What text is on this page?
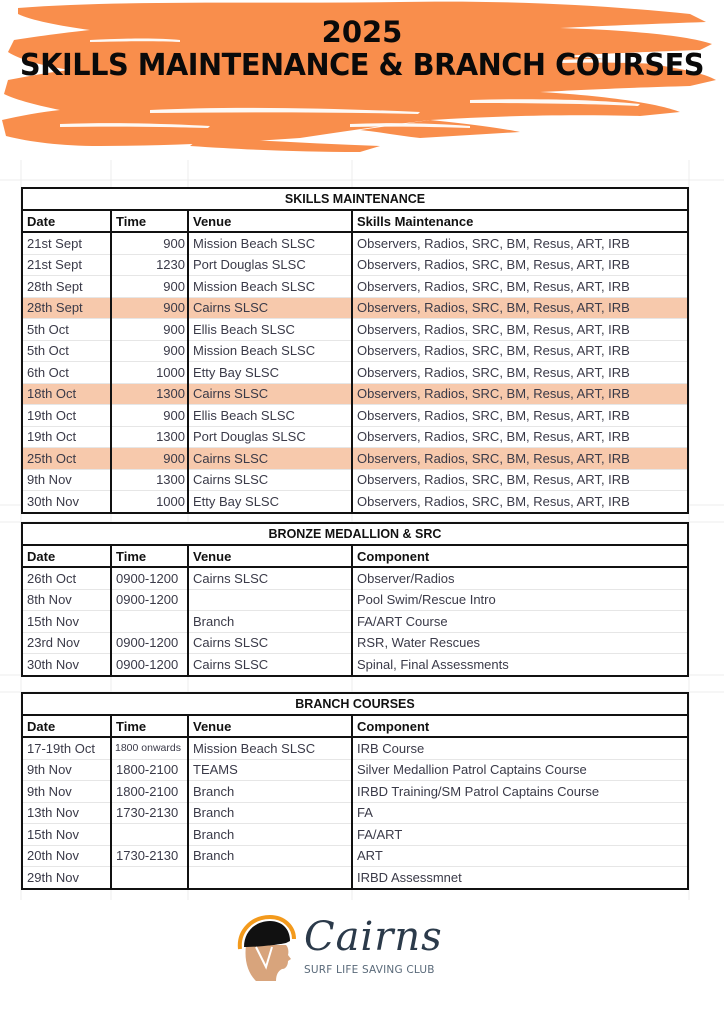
2025
SKILLS MAINTENANCE & BRANCH COURSES
SKILLS MAINTENANCE			
Date	Time	Venue	Skills Maintenance
21st Sept	900	Mission Beach SLSC	Observers, Radios, SRC, BM, Resus, ART, IRB
21st Sept	1230	Port Douglas SLSC	Observers, Radios, SRC, BM, Resus, ART, IRB
28th Sept	900	Mission Beach SLSC	Observers, Radios, SRC, BM, Resus, ART, IRB
28th Sept	900	Cairns SLSC	Observers, Radios, SRC, BM, Resus, ART, IRB
5th Oct	900	Ellis Beach SLSC	Observers, Radios, SRC, BM, Resus, ART, IRB
5th Oct	900	Mission Beach SLSC	Observers, Radios, SRC, BM, Resus, ART, IRB
6th Oct	1000	Etty Bay SLSC	Observers, Radios, SRC, BM, Resus, ART, IRB
18th Oct	1300	Cairns SLSC	Observers, Radios, SRC, BM, Resus, ART, IRB
19th Oct	900	Ellis Beach SLSC	Observers, Radios, SRC, BM, Resus, ART, IRB
19th Oct	1300	Port Douglas SLSC	Observers, Radios, SRC, BM, Resus, ART, IRB
25th Oct	900	Cairns SLSC	Observers, Radios, SRC, BM, Resus, ART, IRB
9th Nov	1300	Cairns SLSC	Observers, Radios, SRC, BM, Resus, ART, IRB
30th Nov	1000	Etty Bay SLSC	Observers, Radios, SRC, BM, Resus, ART, IRB
BRONZE MEDALLION & SRC			
Date	Time	Venue	Component
26th Oct	0900-1200	Cairns SLSC	Observer/Radios
8th Nov	0900-1200		Pool Swim/Rescue Intro
15th Nov		Branch	FA/ART Course
23rd Nov	0900-1200	Cairns SLSC	RSR, Water Rescues
30th Nov	0900-1200	Cairns SLSC	Spinal, Final Assessments
BRANCH COURSES			
Date	Time	Venue	Component
17-19th Oct	1800 onwards	Mission Beach SLSC	IRB Course
9th Nov	1800-2100	TEAMS	Silver Medallion Patrol Captains Course
9th Nov	1800-2100	Branch	IRBD Training/SM Patrol Captains Course
13th Nov	1730-2130	Branch	FA
15th Nov		Branch	FA/ART
20th Nov	1730-2130	Branch	ART
29th Nov			IRBD Assessmnet
Cairns
SURF LIFE SAVING CLUB
